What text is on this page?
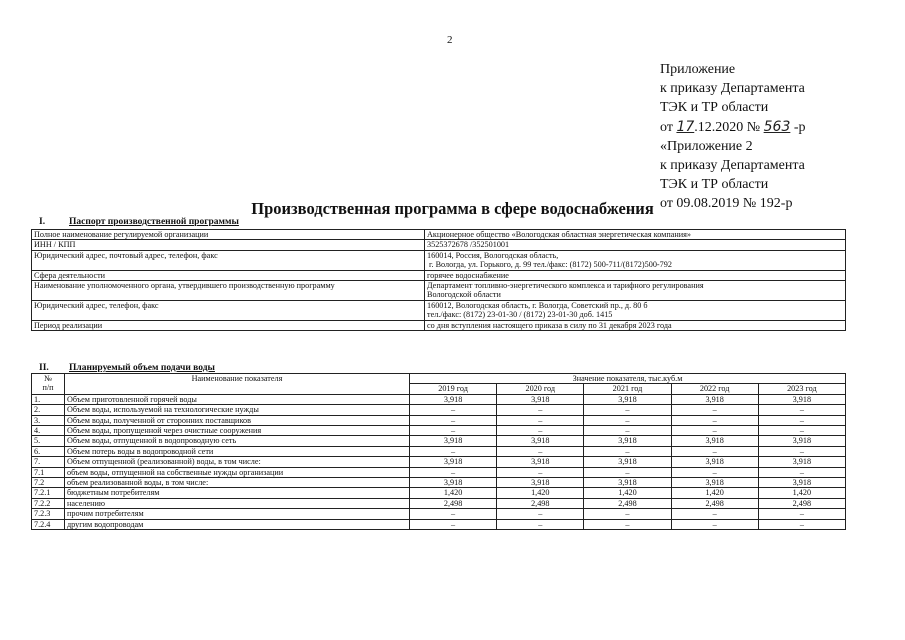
2
Приложение
к приказу Департамента
ТЭК и ТР области
от 17.12.2020 № 563 -р
«Приложение 2
к приказу Департамента
ТЭК и ТР области
от 09.08.2019 № 192-р
Производственная программа в сфере водоснабжения
I.	Паспорт производственной программы
Полное наименование регулируемой организации	Акционерное общество «Вологодская областная энергетическая компания»

ИНН / КПП	3525372678 /352501001

Юридический адрес, почтовый адрес, телефон, факс	160014, Россия, Вологодская область,
г. Вологда, ул. Горького, д. 99 тел./факс: (8172) 500-711/(8172)500-792

Сфера деятельности	горячее водоснабжение

Наименование уполномоченного органа, утвердившего производственную программу	Департамент топливно-энергетического комплекса и тарифного регулирования
Вологодской области

Юридический адрес, телефон, факс	160012, Вологодская область, г. Вологда, Советский пр., д. 80 б
тел./факс: (8172) 23-01-30 / (8172) 23-01-30 доб. 1415

Период реализации	со дня вступления настоящего приказа в силу по 31 декабря 2023 года
II. Планируемый объем подачи воды
№
п/п	Наименование показателя	Значение показателя, тыс.куб.м				
		2019 год	2020 год	2021 год	2022 год	2023 год
1.	Объем приготовленной горячей воды	3,918	3,918	3,918	3,918	3,918
2.	Объем воды, используемой на технологические нужды	–	–	–	–	–
3.	Объем воды, полученной от сторонних поставщиков	–	–	–	–	–
4.	Объем воды, пропущенной через очистные сооружения	–	–	–	–	–
5.	Объем воды, отпущенной в водопроводную сеть	3,918	3,918	3,918	3,918	3,918
6.	Объем потерь воды в водопроводной сети	–	–	–	–	–
7.	Объем отпущенной (реализованной) воды, в том числе:	3,918	3,918	3,918	3,918	3,918
7.1	объем воды, отпущенной на собственные нужды организации	–	–	–	–	–
7.2	объем реализованной воды, в том числе:	3,918	3,918	3,918	3,918	3,918
7.2.1	бюджетным потребителям	1,420	1,420	1,420	1,420	1,420
7.2.2	населению	2,498	2,498	2,498	2,498	2,498
7.2.3	прочим потребителям	–	–	–	–	–
7.2.4	другим водопроводам	–	–	–	–	–
